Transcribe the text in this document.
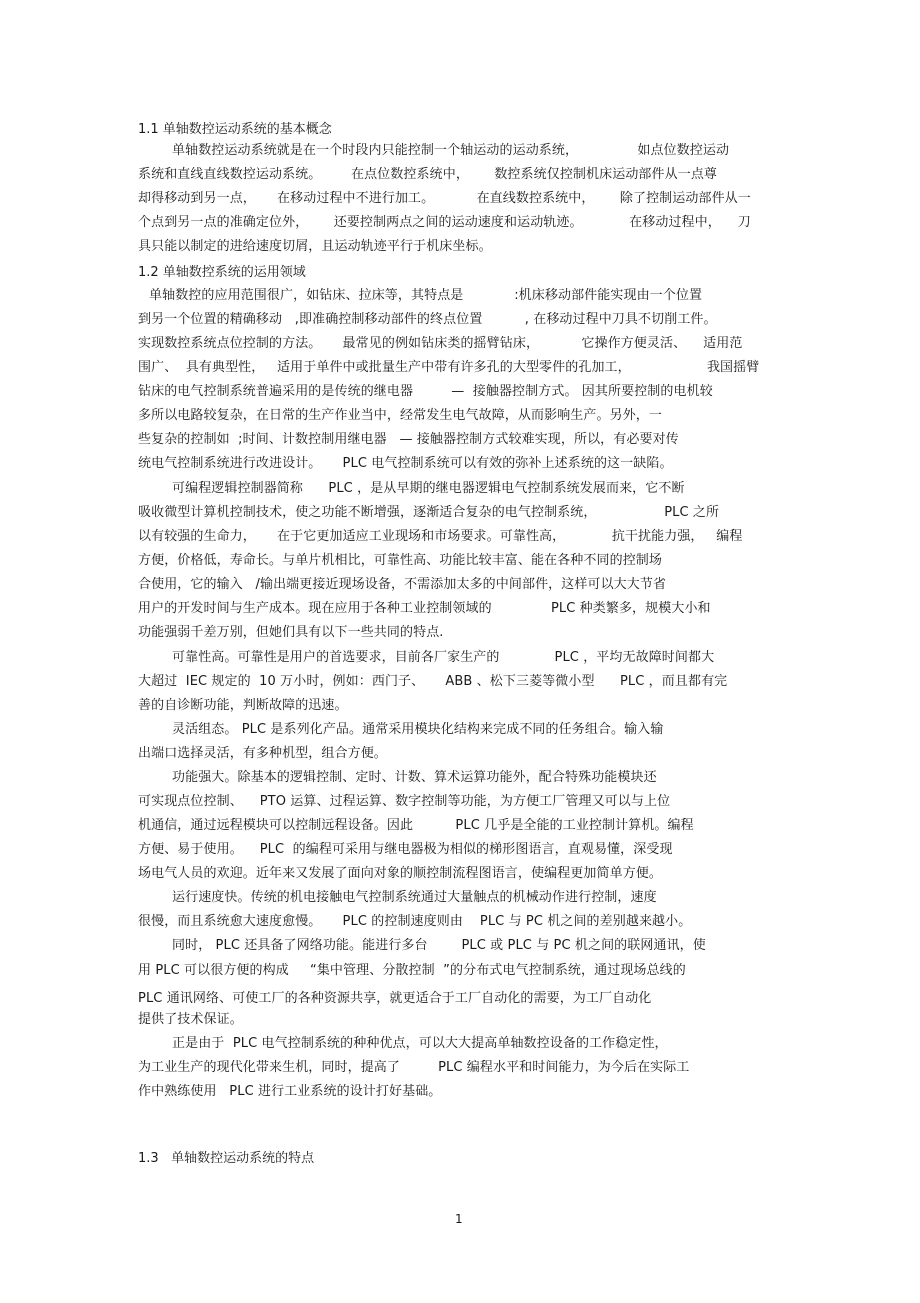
1.1 单轴数控运动系统的基本概念
单轴数控运动系统就是在一个时段内只能控制一个轴运动的运动系统，              如点位数控运动
系统和直线直线数控运动系统。       在点位数控系统中，      数控系统仅控制机床运动部件从一点尊
却得移动到另一点，     在移动过程中不进行加工。          在直线数控系统中，      除了控制运动部件从一
个点到另一点的准确定位外，      还要控制两点之间的运动速度和运动轨迹。           在移动过程中，    刀
具只能以制定的进给速度切屑，且运动轨迹平行于机床坐标。
1.2 单轴数控系统的运用领域
单轴数控的应用范围很广，如钻床、拉床等，其特点是            :机床移动部件能实现由一个位置
到另一个位置的精确移动   ,即准确控制移动部件的终点位置          , 在移动过程中刀具不切削工件。
实现数控系统点位控制的方法。     最常见的例如钻床类的摇臂钻床，          它操作方便灵活、    适用范
围广、  具有典型性，   适用于单件中或批量生产中带有许多孔的大型零件的孔加工，                  我国摇臂
钻床的电气控制系统普遍采用的是传统的继电器         —  接触器控制方式。 因其所要控制的电机较
多所以电路较复杂，在日常的生产作业当中，经常发生电气故障，从而影响生产。另外，一
些复杂的控制如  ;时间、计数控制用继电器   — 接触器控制方式较难实现，所以，有必要对传
统电气控制系统进行改进设计。     PLC 电气控制系统可以有效的弥补上述系统的这一缺陷。
可编程逻辑控制器简称      PLC ，是从早期的继电器逻辑电气控制系统发展而来，它不断
吸收微型计算机控制技术，使之功能不断增强，逐渐适合复杂的电气控制系统，                PLC 之所
以有较强的生命力，     在于它更加适应工业现场和市场要求。可靠性高，           抗干扰能力强，   编程
方便，价格低，寿命长。与单片机相比，可靠性高、功能比较丰富、能在各种不同的控制场
合使用，它的输入   /输出端更接近现场设备，不需添加太多的中间部件，这样可以大大节省
用户的开发时间与生产成本。现在应用于各种工业控制领域的              PLC 种类繁多，规模大小和
功能强弱千差万别，但她们具有以下一些共同的特点.
可靠性高。可靠性是用户的首选要求，目前各厂家生产的             PLC ，平均无故障时间都大
大超过  IEC 规定的  10 万小时，例如：西门子、     ABB 、松下三菱等微小型      PLC ，而且都有完
善的自诊断功能，判断故障的迅速。
灵活组态。 PLC 是系列化产品。通常采用模块化结构来完成不同的任务组合。输入输
出端口选择灵活，有多种机型，组合方便。
功能强大。除基本的逻辑控制、定时、计数、算术运算功能外，配合特殊功能模块还
可实现点位控制、    PTO 运算、过程运算、数字控制等功能，为方便工厂管理又可以与上位
机通信，通过远程模块可以控制远程设备。因此          PLC 几乎是全能的工业控制计算机。编程
方便、易于使用。    PLC  的编程可采用与继电器极为相似的梯形图语言，直观易懂，深受现
场电气人员的欢迎。近年来又发展了面向对象的顺控制流程图语言，使编程更加简单方便。
运行速度快。传统的机电接触电气控制系统通过大量触点的机械动作进行控制，速度
很慢，而且系统愈大速度愈慢。     PLC 的控制速度则由    PLC 与 PC 机之间的差别越来越小。
同时， PLC 还具备了网络功能。能进行多台        PLC 或 PLC 与 PC 机之间的联网通讯，使
用 PLC 可以很方便的构成     “集中管理、分散控制  ”的分布式电气控制系统，通过现场总线的
PLC 通讯网络、可使工厂的各种资源共享，就更适合于工厂自动化的需要，为工厂自动化
提供了技术保证。
正是由于  PLC 电气控制系统的种种优点，可以大大提高单轴数控设备的工作稳定性，
为工业生产的现代化带来生机，同时，提高了         PLC 编程水平和时间能力，为今后在实际工
作中熟练使用   PLC 进行工业系统的设计打好基础。
1.3   单轴数控运动系统的特点
1
